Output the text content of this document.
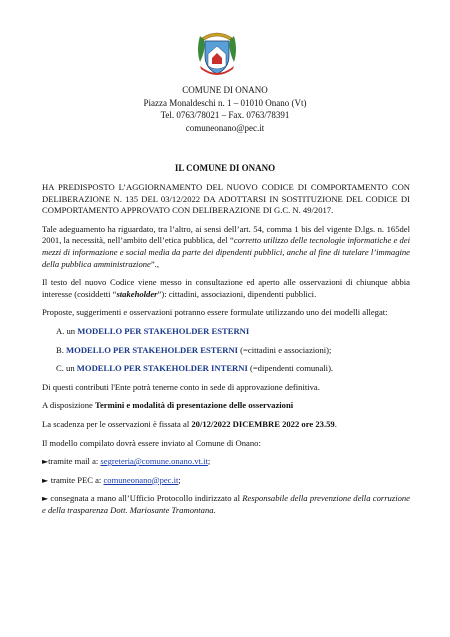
COMUNE DI ONANO
Piazza Monaldeschi n. 1 – 01010 Onano (Vt)
Tel. 0763/78021 – Fax. 0763/78391
comuneonano@pec.it
IL COMUNE DI ONANO

HA PREDISPOSTO L’AGGIORNAMENTO DEL NUOVO CODICE DI COMPORTAMENTO CON DELIBERAZIONE N. 135 DEL 03/12/2022 DA ADOTTARSI IN SOSTITUZIONE DEL CODICE DI COMPORTAMENTO APPROVATO CON DELIBERAZIONE DI G.C. N. 49/2017.

Tale adeguamento ha riguardato, tra l’altro, ai sensi dell’art. 54, comma 1 bis del vigente D.lgs. n. 165del 2001, la necessità, nell’ambito dell’etica pubblica, del “corretto utilizzo delle tecnologie informatiche e dei mezzi di informazione e social media da parte dei dipendenti pubblici, anche al fine di tutelare l’immagine della pubblica amministrazione”.,

Il testo del nuovo Codice viene messo in consultazione ed aperto alle osservazioni di chiunque abbia interesse (cosiddetti “stakeholder”): cittadini, associazioni, dipendenti pubblici.

Proposte, suggerimenti e osservazioni potranno essere formulate utilizzando uno dei modelli allegat:

A. un MODELLO PER STAKEHOLDER ESTERNI

B. MODELLO PER STAKEHOLDER ESTERNI (=cittadini e associazioni);

C. un MODELLO PER STAKEHOLDER INTERNI (=dipendenti comunali).

Di questi contributi l'Ente potrà tenerne conto in sede di approvazione definitiva.

A disposizione Termini e modalità di presentazione delle osservazioni

La scadenza per le osservazioni è fissata al 20/12/2022 DICEMBRE 2022 ore 23.59.

Il modello compilato dovrà essere inviato al Comune di Onano:

►tramite mail a: segreteria@comune.onano.vt.it;

► tramite PEC a: comuneonano@pec.it;

► consegnata a mano all’Ufficio Protocollo indirizzato al Responsabile della prevenzione della corruzione e della trasparenza Dott. Mariosante Tramontana.
